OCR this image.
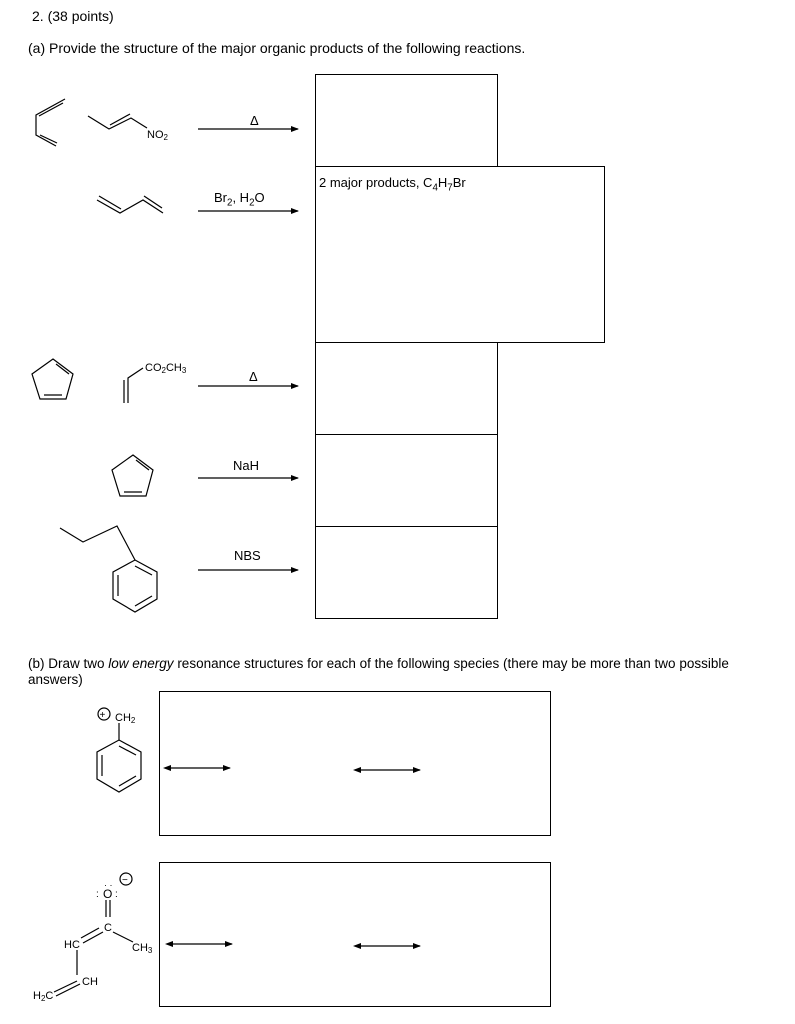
2. (38 points)
(a) Provide the structure of the major organic products of the following reactions.
2 major products, $C_4H_7Br$
Δ
$Br_2$, $H_2O$
Δ
NaH
NBS
(b) Draw two low energy resonance structures for each of the following species (there may be more than two possible
answers)
NO2
CO2CH3
+ CH2
−
O
: :
· ·
C
HC	CH3
CH
H2C
